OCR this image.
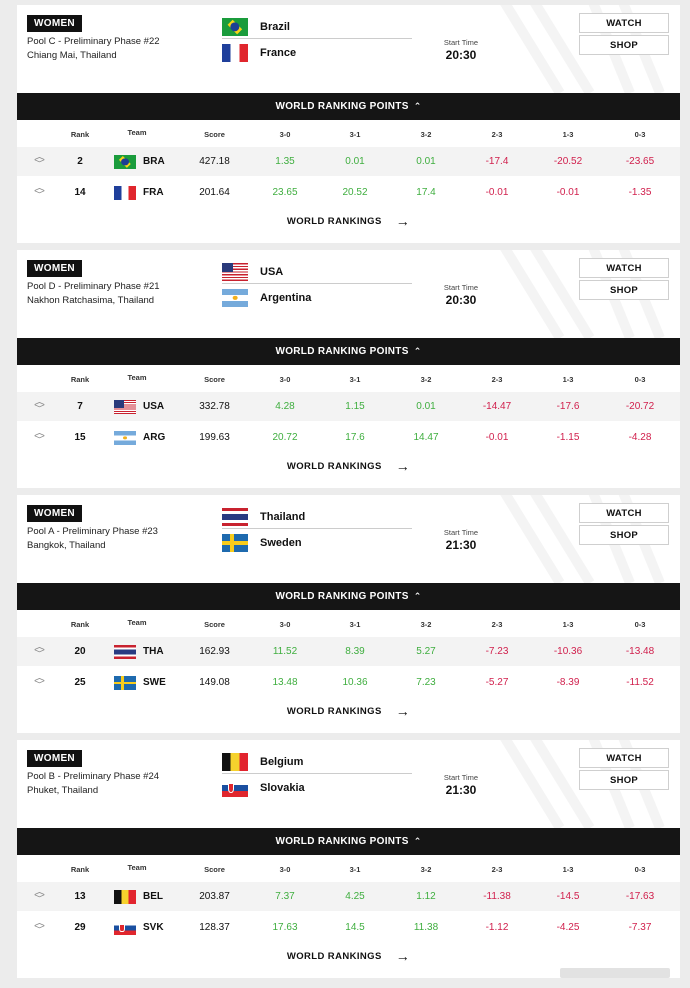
WOMEN
Pool C - Preliminary Phase #22
Chiang Mai, Thailand
Brazil
France
Start Time
20:30
WATCH
SHOP
WORLD RANKING POINTS ⌃
Rank	Team	Score	3-0	3-1	3-2	2-3	1-3	0-3
<>	2	BRA	427.18	1.35	0.01	0.01	-17.4	-20.52	-23.65
<>	14	FRA	201.64	23.65	20.52	17.4	-0.01	-0.01	-1.35
WORLD RANKINGS →
WOMEN
Pool D - Preliminary Phase #21
Nakhon Ratchasima, Thailand
USA
Argentina
Start Time
20:30
WATCH
SHOP
WORLD RANKING POINTS ⌃
Rank	Team	Score	3-0	3-1	3-2	2-3	1-3	0-3
<>	7	USA	332.78	4.28	1.15	0.01	-14.47	-17.6	-20.72
<>	15	ARG	199.63	20.72	17.6	14.47	-0.01	-1.15	-4.28
WORLD RANKINGS →
WOMEN
Pool A - Preliminary Phase #23
Bangkok, Thailand
Thailand
Sweden
Start Time
21:30
WATCH
SHOP
WORLD RANKING POINTS ⌃
Rank	Team	Score	3-0	3-1	3-2	2-3	1-3	0-3
<>	20	THA	162.93	11.52	8.39	5.27	-7.23	-10.36	-13.48
<>	25	SWE	149.08	13.48	10.36	7.23	-5.27	-8.39	-11.52
WORLD RANKINGS →
WOMEN
Pool B - Preliminary Phase #24
Phuket, Thailand
Belgium
Slovakia
Start Time
21:30
WATCH
SHOP
WORLD RANKING POINTS ⌃
Rank	Team	Score	3-0	3-1	3-2	2-3	1-3	0-3
<>	13	BEL	203.87	7.37	4.25	1.12	-11.38	-14.5	-17.63
<>	29	SVK	128.37	17.63	14.5	11.38	-1.12	-4.25	-7.37
WORLD RANKINGS →
